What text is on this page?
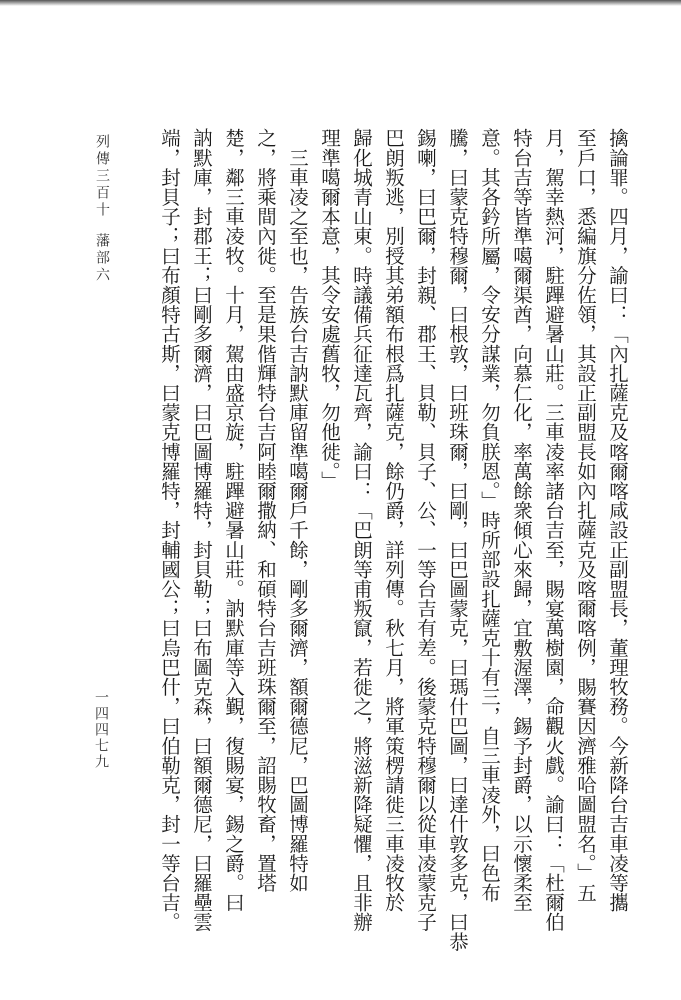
擒論罪。四月，諭曰：「內扎薩克及喀爾喀咸設正副盟長，董理牧務。今新降台吉車凌等攜
至戶口，悉編旗分佐領，其設正副盟長如內扎薩克及喀爾喀例，賜賽因濟雅哈圖盟名。」五
月，駕幸熱河，駐蹕避暑山莊。三車凌率諸台吉至，賜宴萬樹園，命觀火戲。諭曰：「杜爾伯
特台吉等皆準噶爾渠酋，向慕仁化，率萬餘衆傾心來歸，宜敷渥澤，錫予封爵，以示懷柔至
意。其各鈐所屬，令安分謀業，勿負朕恩。」時所部設扎薩克十有三，自三車凌外，曰色布
騰，曰蒙克特穆爾，曰根敦，曰班珠爾，曰剛，曰巴圖蒙克，曰瑪什巴圖，曰達什敦多克，曰恭
錫喇，曰巴爾，封親、郡王、貝勒、貝子、公、一等台吉有差。後蒙克特穆爾以從車凌蒙克子
巴朗叛逃，別授其弟額布根爲扎薩克，餘仍爵，詳列傳。秋七月，將軍策楞請徙三車凌牧於
歸化城青山東。時議備兵征達瓦齊，諭曰：「巴朗等甫叛竄，若徙之，將滋新降疑懼，且非辦
理準噶爾本意，其令安處舊牧，勿他徙。」
　三車凌之至也，告族台吉訥默庫留準噶爾戶千餘，剛多爾濟，額爾德尼，巴圖博羅特如
之，將乘間內徙。至是果偕輝特台吉阿睦爾撒納、和碩特台吉班珠爾至，詔賜牧畜，置塔
楚，鄰三車凌牧。十月，駕由盛京旋，駐蹕避暑山莊。訥默庫等入覲，復賜宴，錫之爵。曰
訥默庫，封郡王；曰剛多爾濟，曰巴圖博羅特，封貝勒；曰布圖克森，曰額爾德尼，曰羅壘雲
端，封貝子；曰布顏特古斯，曰蒙克博羅特，封輔國公；曰烏巴什，曰伯勒克，封一等台吉。
列傳三百十藩部六
一四四七九
